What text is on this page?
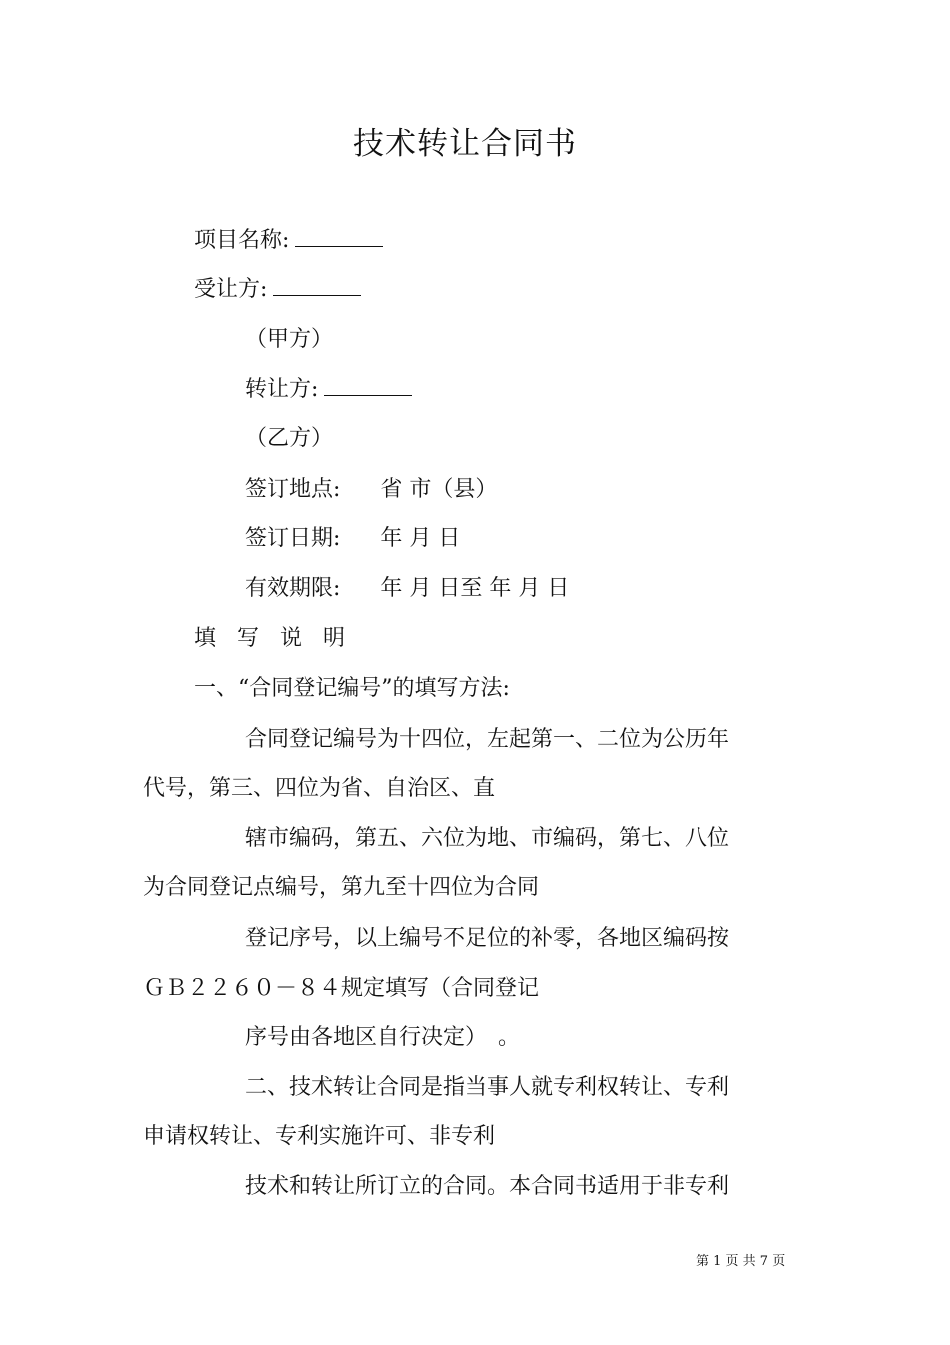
技术转让合同书
项目名称:
受让方:
（甲方）
转让方:
（乙方）
签订地点: 省 市（县）
签订日期: 年 月 日
有效期限: 年 月 日至 年 月 日
填 写 说 明
一、“合同登记编号”的填写方法:
合同登记编号为十四位，左起第一、二位为公历年
代号，第三、四位为省、自治区、直
辖市编码，第五、六位为地、市编码，第七、八位
为合同登记点编号，第九至十四位为合同
登记序号，以上编号不足位的补零，各地区编码按
ＧＢ２２６０－８４规定填写（合同登记
序号由各地区自行决定）　。
二、技术转让合同是指当事人就专利权转让、专利
申请权转让、专利实施许可、非专利
技术和转让所订立的合同。本合同书适用于非专利
第 1 页 共 7 页
